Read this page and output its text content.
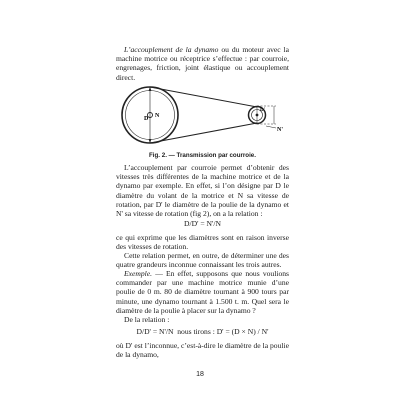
L’accouplement de la dynamo ou du moteur avec la machine motrice ou réceptrice s’effectue : par courroie, engrenages, friction, joint élastique ou accouplement direct.
D N
D'
N'
Fig. 2. — Transmission par courroie.
L’accouplement par courroie permet d’obtenir des vitesses très différentes de la machine motrice et de la dynamo par exemple. En effet, si l’on désigne par D le diamètre du volant de la motrice et N sa vitesse de rotation, par D' le diamètre de la poulie de la dynamo et N' sa vitesse de rotation (fig 2), on a la relation :
D/D' = N'/N
ce qui exprime que les diamètres sont en raison inverse des vitesses de rotation.
Cette relation permet, en outre, de déterminer une des quatre grandeurs inconnue connaissant les trois autres.
Exemple. — En effet, supposons que nous voulions commander par une machine motrice munie d’une poulie de 0 m. 80 de diamètre tournant à 900 tours par minute, une dynamo tournant à 1.500 t. m. Quel sera le diamètre de la poulie à placer sur la dynamo ?
De la relation :
D/D' = N'/N  nous tirons : D' = (D × N) / N'
où D' est l’inconnue, c’est-à-dire le diamètre de la poulie de la dynamo,
18
